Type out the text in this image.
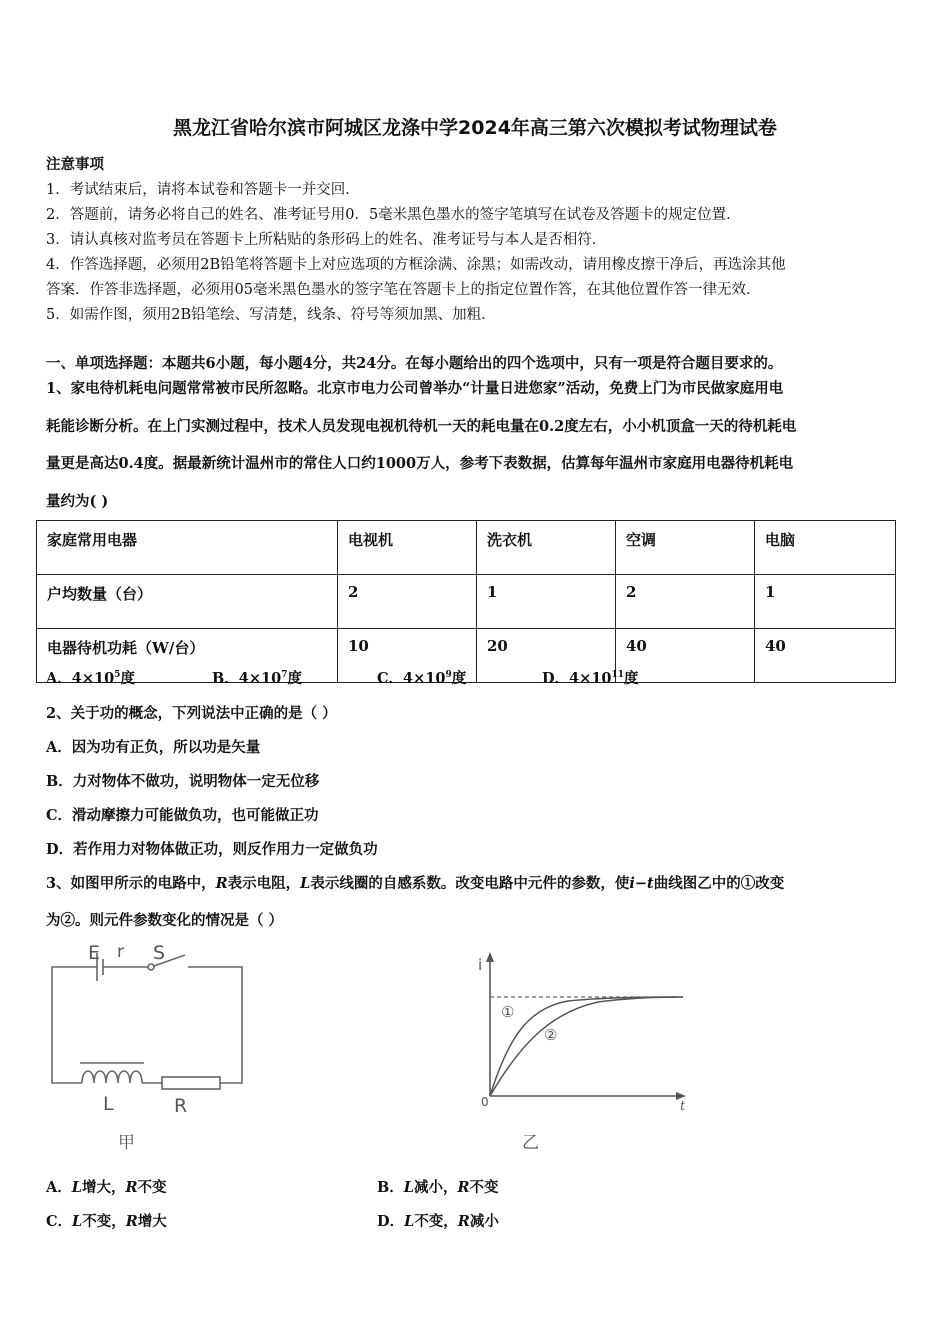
黑龙江省哈尔滨市阿城区龙涤中学2024年高三第六次模拟考试物理试卷
注意事项
1．考试结束后，请将本试卷和答题卡一并交回．
2．答题前，请务必将自己的姓名、准考证号用0．5毫米黑色墨水的签字笔填写在试卷及答题卡的规定位置．
3．请认真核对监考员在答题卡上所粘贴的条形码上的姓名、准考证号与本人是否相符．
4．作答选择题，必须用2B铅笔将答题卡上对应选项的方框涂满、涂黑；如需改动，请用橡皮擦干净后，再选涂其他
答案．作答非选择题，必须用05毫米黑色墨水的签字笔在答题卡上的指定位置作答，在其他位置作答一律无效．
5．如需作图，须用2B铅笔绘、写清楚，线条、符号等须加黑、加粗．
一、单项选择题：本题共6小题，每小题4分，共24分。在每小题给出的四个选项中，只有一项是符合题目要求的。
1、家电待机耗电问题常常被市民所忽略。北京市电力公司曾举办“计量日进您家”活动，免费上门为市民做家庭用电
耗能诊断分析。在上门实测过程中，技术人员发现电视机待机一天的耗电量在0.2度左右，小小机顶盒一天的待机耗电
量更是高达0.4度。据最新统计温州市的常住人口约1000万人，参考下表数据，估算每年温州市家庭用电器待机耗电
量约为( )
家庭常用电器	电视机	洗衣机	空调	电脑
户均数量（台）	2	1	2	1
电器待机功耗（W/台）	10	20	40	40
A．$4\times 10^5$度	B．$4\times 10^7$度	C．$4\times 10^9$度	D．$4\times 10^{11}$度
2、关于功的概念，下列说法中正确的是（ ）
A．因为功有正负，所以功是矢量
B．力对物体不做功，说明物体一定无位移
C．滑动摩擦力可能做负功，也可能做正功
D．若作用力对物体做正功，则反作用力一定做负功
3、如图甲所示的电路中，R表示电阻，L表示线圈的自感系数。改变电路中元件的参数，使i−t曲线图乙中的①改变
为②。则元件参数变化的情况是（ ）
E r S
L	R
甲
i
t
0
①
②
乙
A．L增大，R不变	B．L减小，R不变
C．L不变，R增大	D．L不变，R减小
